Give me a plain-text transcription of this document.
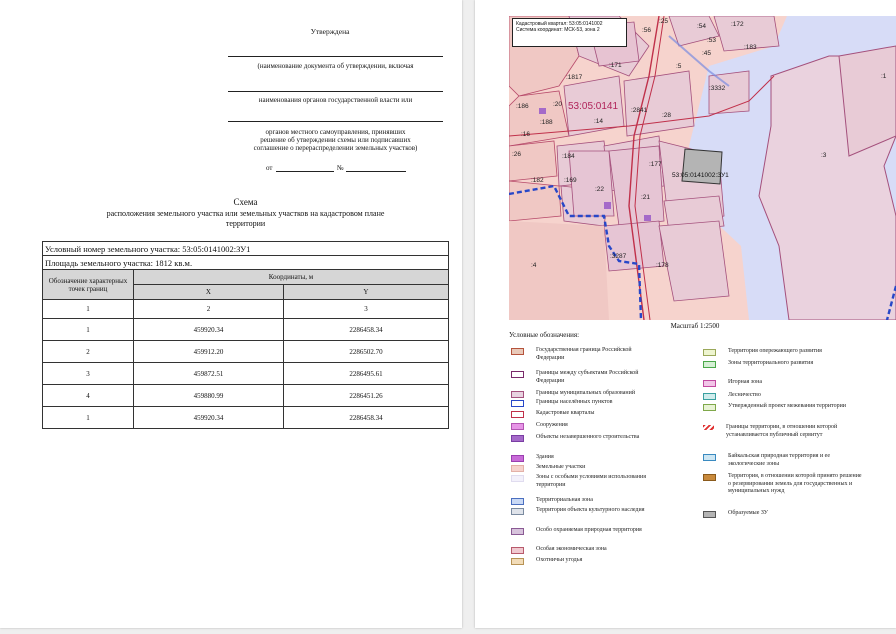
Утверждена
(наименование документа об утверждении, включая
наименования органов государственной власти или
органов местного самоуправления, принявших
решение об утверждении схемы или подписавших
соглашение о перераспределении земельных участков)
от	№
Схема
расположения земельного участка или земельных участков на кадастровом плане
территории
Условный номер земельного участка: 53:05:0141002:ЗУ1		
Площадь земельного участка: 1812 кв.м.		
Обозначение характерных точек границ	Координаты, м	
	X	Y
1	2	3
1	459920.34	2286458.34
2	459912.20	2286502.70
3	459872.51	2286495.61
4	459880.99	2286451.26
1	459920.34	2286458.34
:25
:56
:54	:172
:53
:183
:45
:1
:171	:5
:1817
:3332
:186	:20
:2841
:188	:14
:28
:16
:3
:26	:184
:177
:182	:169
:22
:21
:4
:3287
:178
53:05:0141
53:05:0141002:ЗУ1
Кадастровый квартал: 53:05:0141002
Система координат: МСК-53, зона 2
Масштаб 1:2500
Условные обозначения:
Государственная граница Российской Федерации
Границы между субъектами Российской Федерации
Границы муниципальных образований
Границы населённых пунктов
Кадастровые кварталы
Сооружения
Объекты незавершенного строительства
Здания
Земельные участки
Зоны с особыми условиями использования территории
Территориальная зона
Территория объекта культурного наследия
Особо охраняемая природная территория
Особая экономическая зона
Охотничьи угодья
Территория опережающего развития
Зоны территориального развития
Игорная зона
Лесничество
Утвержденный проект межевания территории
Границы территории, в отношении которой устанавливается публичный сервитут
Байкальская природная территория и ее экологические зоны
Территория, в отношении которой принято решение о резервировании земель для государственных и муниципальных нужд
Образуемые ЗУ
